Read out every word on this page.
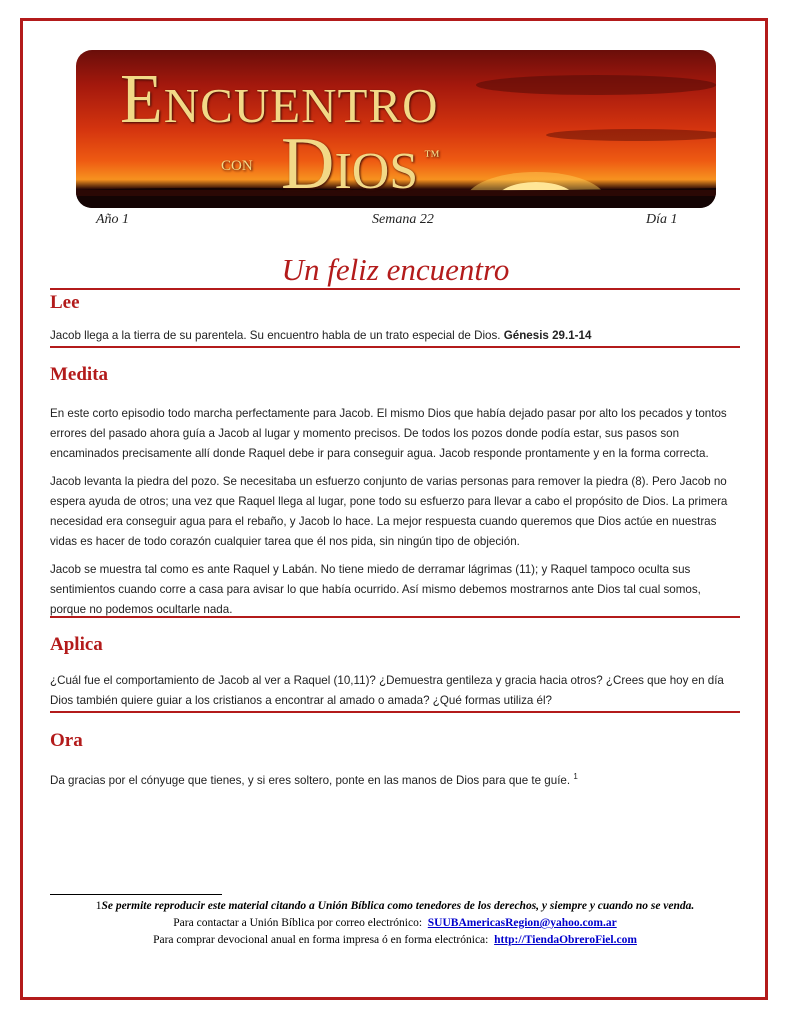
Encuentro
con Dios ™
Año 1	Semana 22	Día 1
Un feliz encuentro
Lee

Jacob llega a la tierra de su parentela. Su encuentro habla de un trato especial de Dios. Génesis 29.1-14

Medita

En este corto episodio todo marcha perfectamente para Jacob. El mismo Dios que había dejado pasar por alto los pecados y tontos errores del pasado ahora guía a Jacob al lugar y momento precisos. De todos los pozos donde podía estar, sus pasos son encaminados precisamente allí donde Raquel debe ir para conseguir agua. Jacob responde prontamente y en la forma correcta.

Jacob levanta la piedra del pozo. Se necesitaba un esfuerzo conjunto de varias personas para remover la piedra (8). Pero Jacob no espera ayuda de otros; una vez que Raquel llega al lugar, pone todo su esfuerzo para llevar a cabo el propósito de Dios. La primera necesidad era conseguir agua para el rebaño, y Jacob lo hace. La mejor respuesta cuando queremos que Dios actúe en nuestras vidas es hacer de todo corazón cualquier tarea que él nos pida, sin ningún tipo de objeción.

Jacob se muestra tal como es ante Raquel y Labán. No tiene miedo de derramar lágrimas (11); y Raquel tampoco oculta sus sentimientos cuando corre a casa para avisar lo que había ocurrido. Así mismo debemos mostrarnos ante Dios tal cual somos, porque no podemos ocultarle nada.

Aplica

¿Cuál fue el comportamiento de Jacob al ver a Raquel (10,11)? ¿Demuestra gentileza y gracia hacia otros? ¿Crees que hoy en día Dios también quiere guiar a los cristianos a encontrar al amado o amada? ¿Qué formas utiliza él?

Ora

Da gracias por el cónyuge que tienes, y si eres soltero, ponte en las manos de Dios para que te guíe. $^1$

1Se permite reproducir este material citando a Unión Bíblica como tenedores de los derechos, y siempre y cuando no se venda.
Para contactar a Unión Bíblica por correo electrónico: SUUBAmericasRegion@yahoo.com.ar
Para comprar devocional anual en forma impresa ó en forma electrónica: http://TiendaObreroFiel.com
